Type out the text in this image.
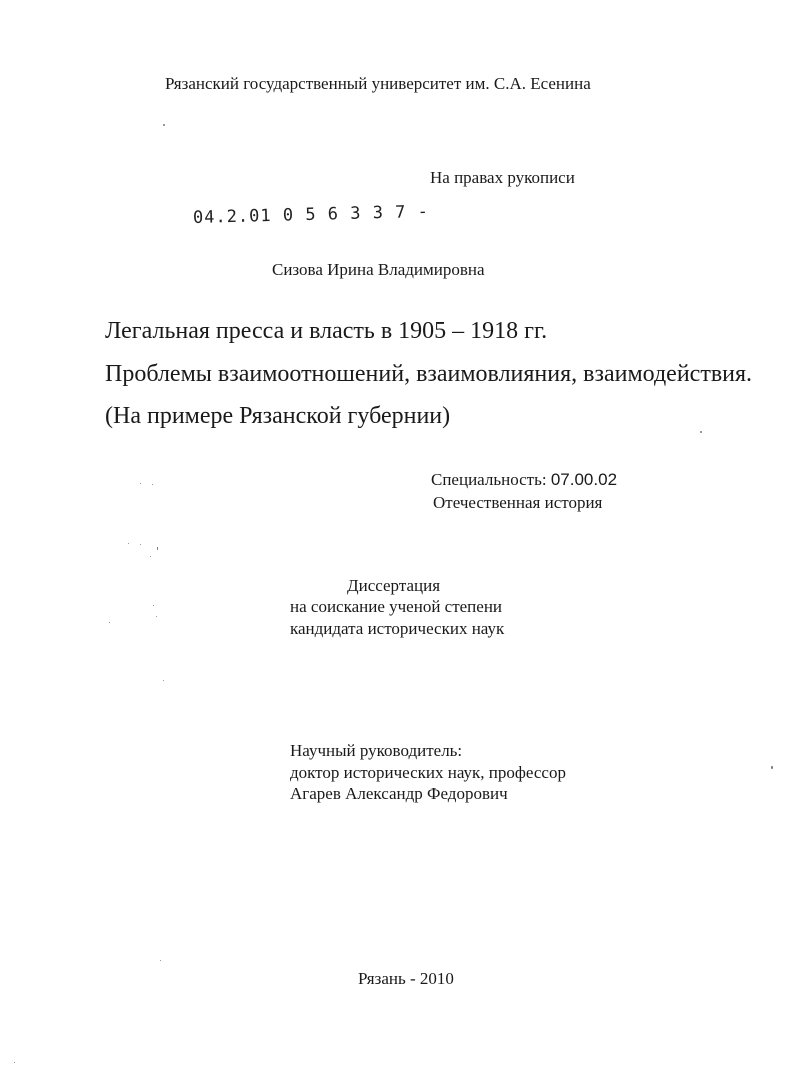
Рязанский государственный университет им. С.А. Есенина

На правах рукописи

04.2.01 0 5 6 3 3 7 -

Сизова Ирина Владимировна

Легальная пресса и власть в 1905 – 1918 гг.

Проблемы взаимоотношений, взаимовлияния, взаимодействия.

(На примере Рязанской губернии)

Специальность: 07.00.02

Отечественная история

Диссертация

на соискание ученой степени

кандидата исторических наук

Научный руководитель:

доктор исторических наук, профессор

Агарев Александр Федорович

Рязань - 2010
